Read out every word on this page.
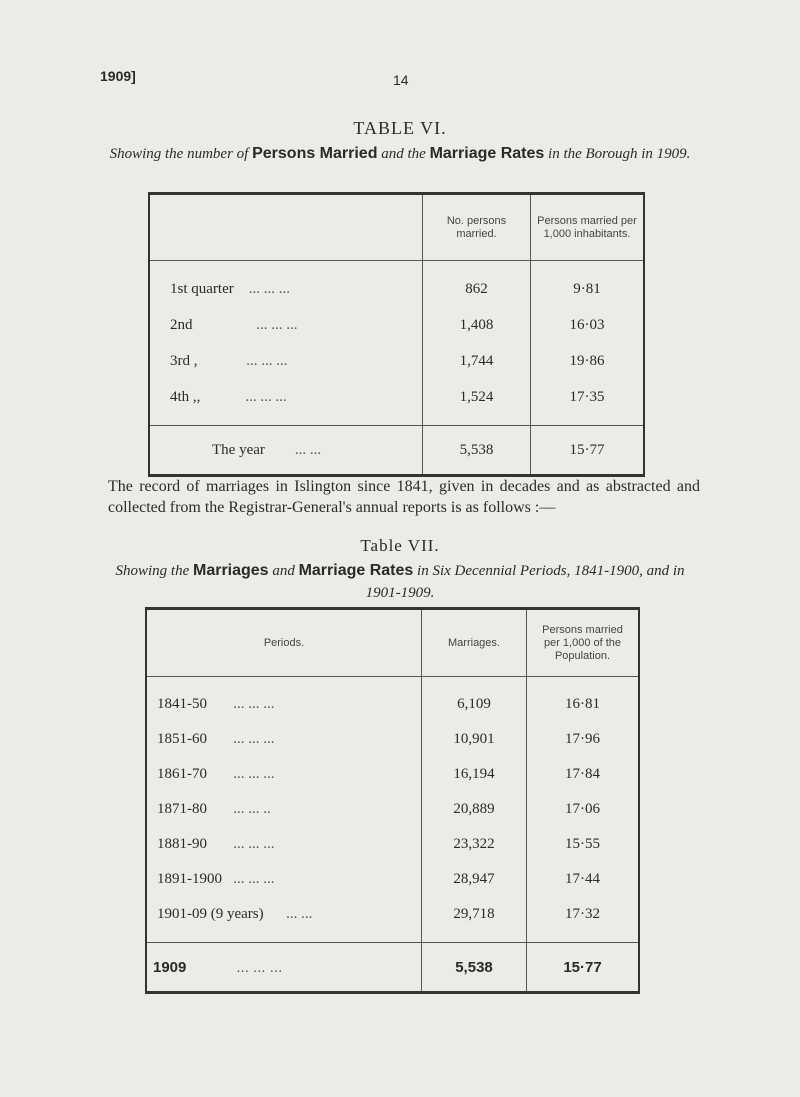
1909]	14
TABLE VI.
Showing the number of Persons Married and the Marriage Rates in the Borough in 1909.
	No. persons married.	Persons married per 1,000 inhabitants.
1st quarter ... ... ...	862	9·81
2nd ... ... ...	1,408	16·03
3rd , ... ... ...	1,744	19·86
4th ,, ... ... ...	1,524	17·35
The year ... ...	5,538	15·77
The record of marriages in Islington since 1841, given in decades and as abstracted and collected from the Registrar-General's annual reports is as follows :—
Table VII.
Showing the Marriages and Marriage Rates in Six Decennial Periods, 1841-1900, and in 1901-1909.
Periods.	Marriages.	Persons married per 1,000 of the Population.
1841-50 ... ... ...	6,109	16·81
1851-60 ... ... ...	10,901	17·96
1861-70 ... ... ...	16,194	17·84
1871-80 ... ... ..	20,889	17·06
1881-90 ... ... ...	23,322	15·55
1891-1900 ... ... ...	28,947	17·44
1901-09 (9 years) ... ...	29,718	17·32
1909 ... ... ...	5,538	15·77
